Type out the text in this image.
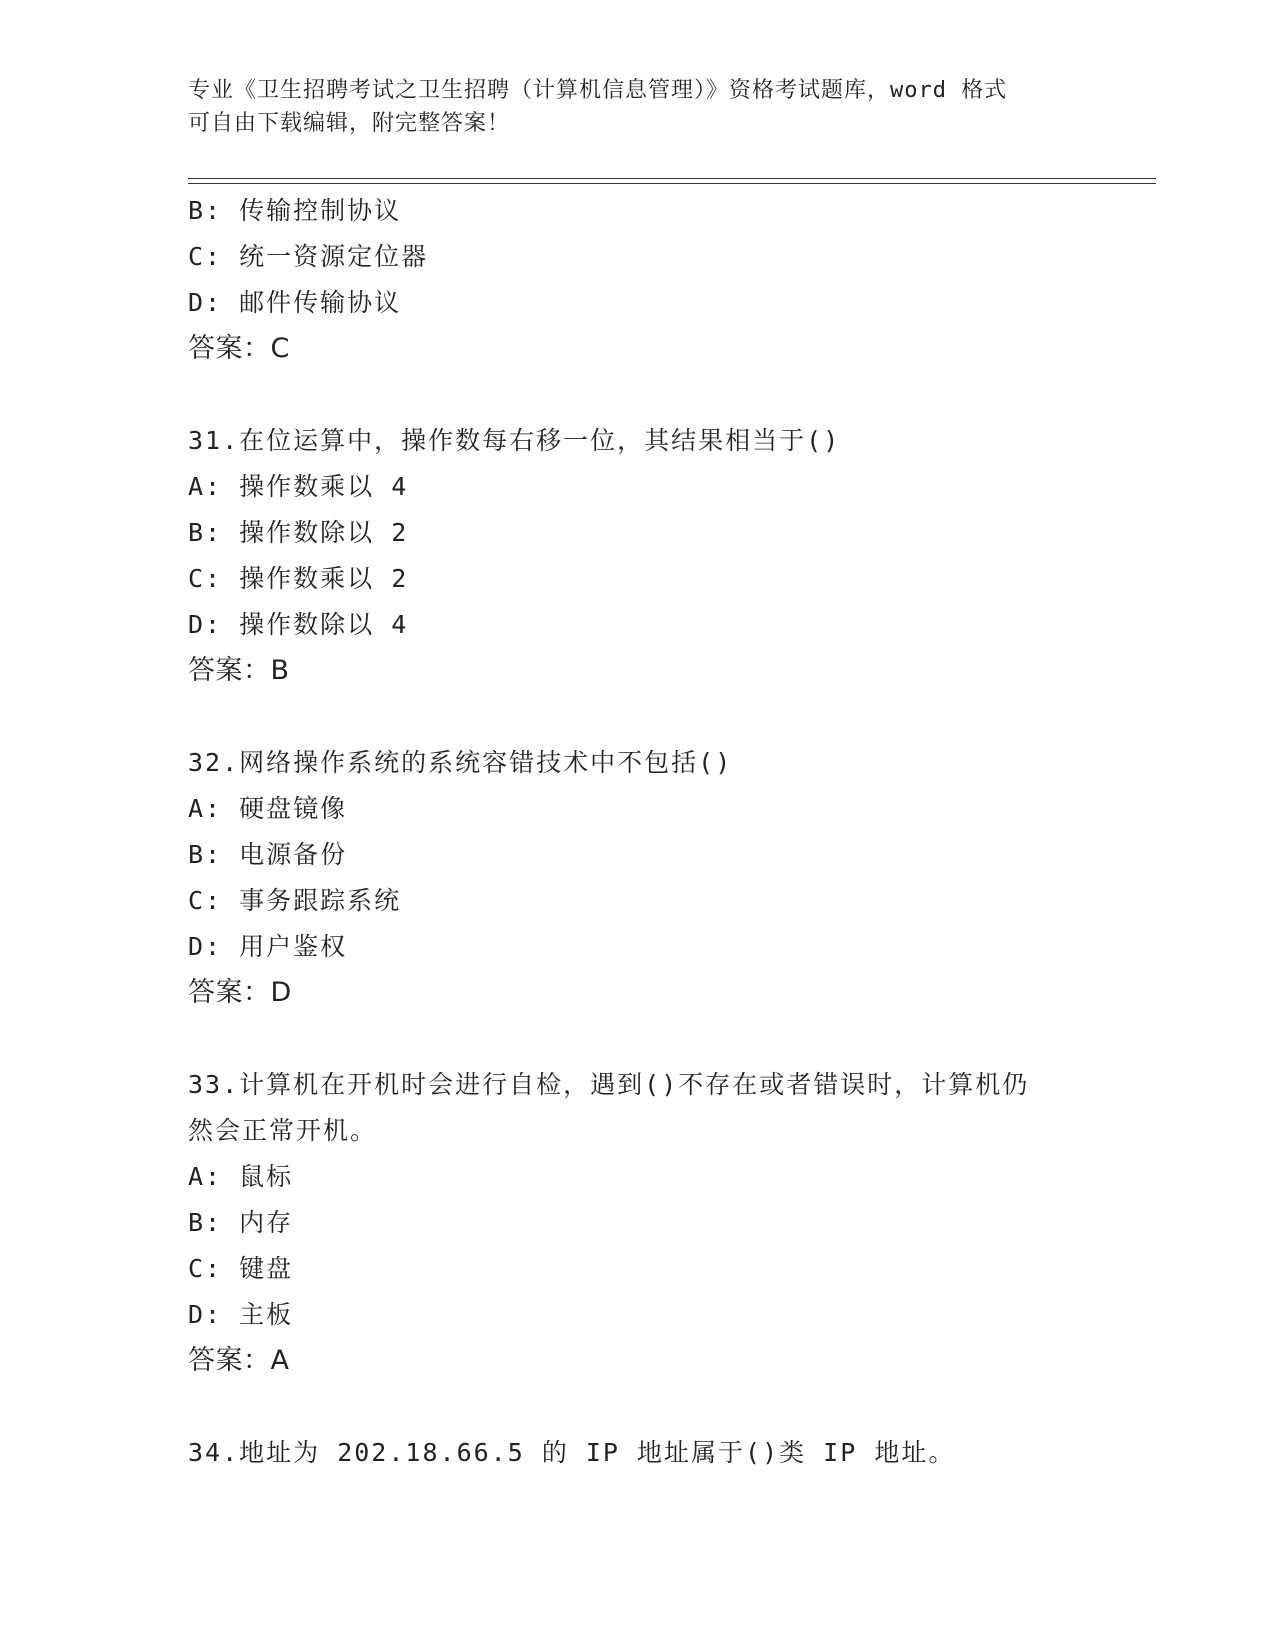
专业《卫生招聘考试之卫生招聘（计算机信息管理）》资格考试题库，word 格式
可自由下载编辑，附完整答案！
B: 传输控制协议
C: 统一资源定位器
D: 邮件传输协议
答案：C
31.在位运算中，操作数每右移一位，其结果相当于()
A: 操作数乘以 4
B: 操作数除以 2
C: 操作数乘以 2
D: 操作数除以 4
答案：B
32.网络操作系统的系统容错技术中不包括()
A: 硬盘镜像
B: 电源备份
C: 事务跟踪系统
D: 用户鉴权
答案：D
33.计算机在开机时会进行自检，遇到()不存在或者错误时，计算机仍
然会正常开机。
A: 鼠标
B: 内存
C: 键盘
D: 主板
答案：A
34.地址为 202.18.66.5 的 IP 地址属于()类 IP 地址。
